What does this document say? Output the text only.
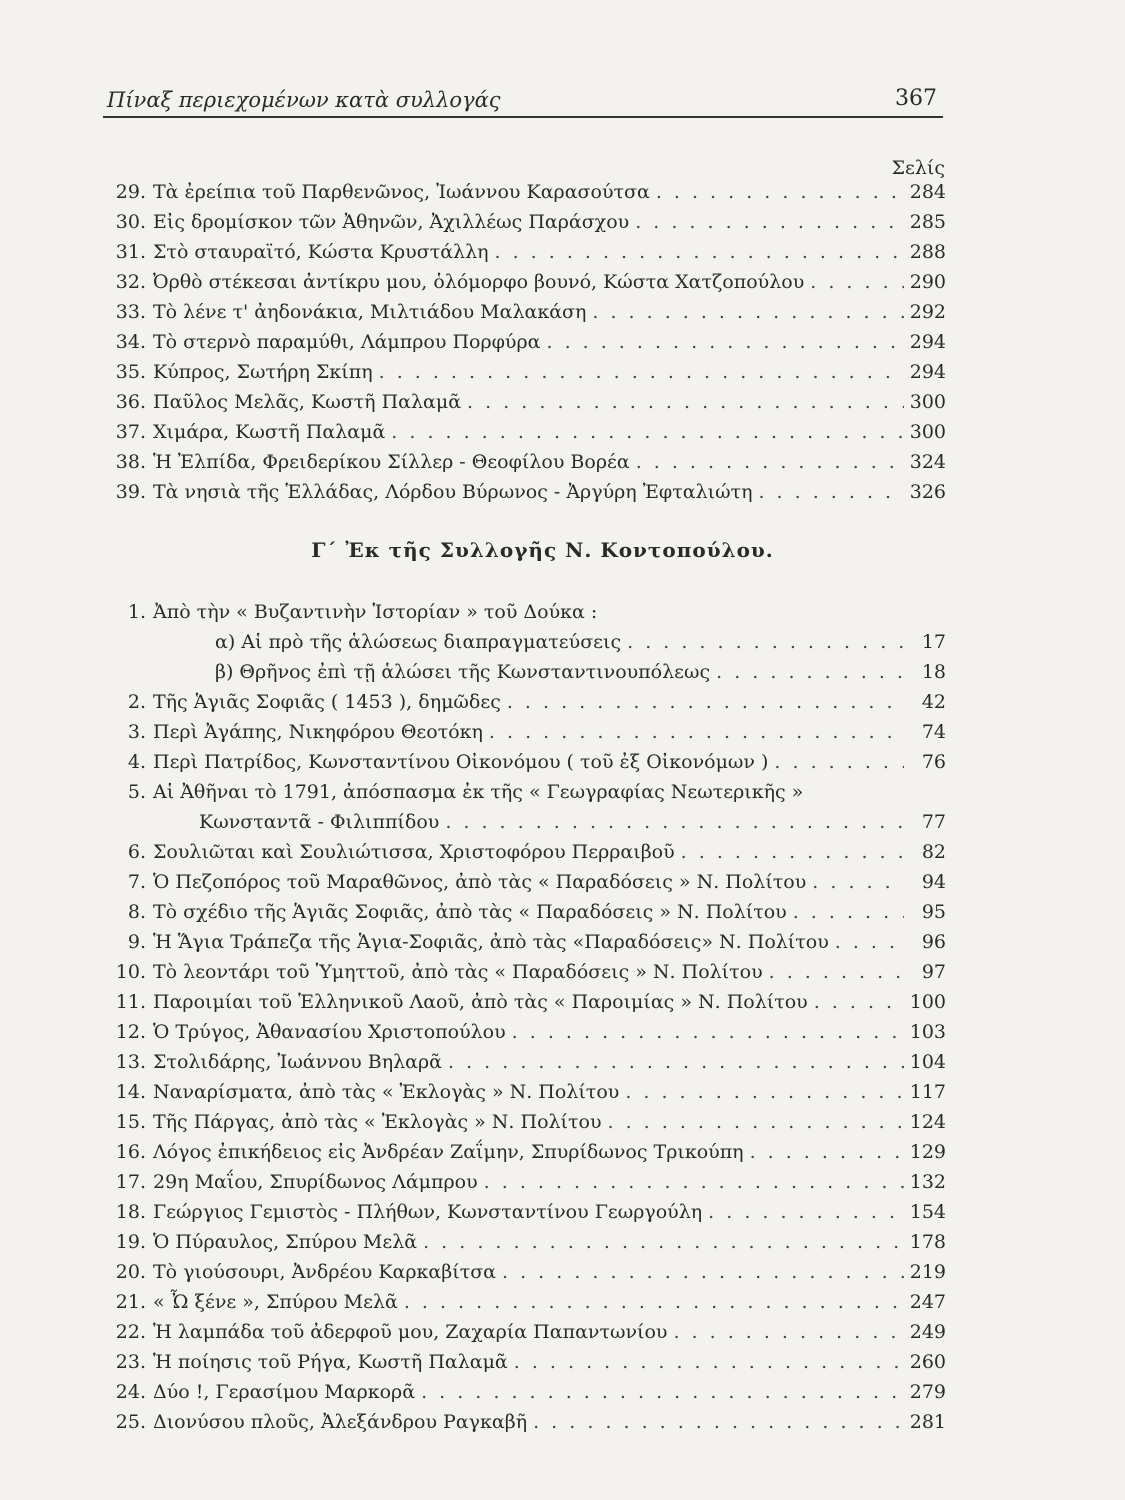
Πίναξ περιεχομένων κατὰ συλλογάς	367
Σελίς
29. Τὰ ἐρείπια τοῦ Παρθενῶνος, Ἰωάννου Καρασούτσα . . .	284
30. Εἰς δρομίσκον τῶν Ἀθηνῶν, Ἀχιλλέως Παράσχου . . .	285
31. Στὸ σταυραϊτό, Κώστα Κρυστάλλη . . .	288
32. Ὀρθὸ στέκεσαι ἀντίκρυ μου, ὁλόμορφο βουνό, Κώστα Χατζοπούλου . . .	290
33. Τὸ λένε τ' ἀηδονάκια, Μιλτιάδου Μαλακάση . . .	292
34. Τὸ στερνὸ παραμύθι, Λάμπρου Πορφύρα . . .	294
35. Κύπρος, Σωτήρη Σκίπη . . .	294
36. Παῦλος Μελᾶς, Κωστῆ Παλαμᾶ . . .	300
37. Χιμάρα, Κωστῆ Παλαμᾶ . . .	300
38. Ἡ Ἐλπίδα, Φρειδερίκου Σίλλερ - Θεοφίλου Βορέα . . .	324
39. Τὰ νησιὰ τῆς Ἑλλάδας, Λόρδου Βύρωνος - Ἀργύρη Ἐφταλιώτη . . .	326
Γ΄ Ἐκ τῆς Συλλογῆς Ν. Κοντοπούλου.
1. Ἀπὸ τὴν « Βυζαντινὴν Ἱστορίαν » τοῦ Δούκα :
α) Αἱ πρὸ τῆς ἁλώσεως διαπραγματεύσεις . . .	17
β) Θρῆνος ἐπὶ τῇ ἁλώσει τῆς Κωνσταντινουπόλεως . . .	18
2. Τῆς Ἁγιᾶς Σοφιᾶς ( 1453 ), δημῶδες . . .	42
3. Περὶ Ἀγάπης, Νικηφόρου Θεοτόκη . . .	74
4. Περὶ Πατρίδος, Κωνσταντίνου Οἰκονόμου ( τοῦ ἐξ Οἰκονόμων ) . . .	76
5. Αἱ Ἀθῆναι τὸ 1791, ἀπόσπασμα ἐκ τῆς « Γεωγραφίας Νεωτερικῆς »
Κωνσταντᾶ - Φιλιππίδου . . .	77
6. Σουλιῶται καὶ Σουλιώτισσα, Χριστοφόρου Περραιβοῦ . . .	82
7. Ὁ Πεζοπόρος τοῦ Μαραθῶνος, ἀπὸ τὰς « Παραδόσεις » Ν. Πολίτου . . .	94
8. Τὸ σχέδιο τῆς Ἁγιᾶς Σοφιᾶς, ἀπὸ τὰς « Παραδόσεις » Ν. Πολίτου . . .	95
9. Ἡ Ἅγια Τράπεζα τῆς Ἁγια-Σοφιᾶς, ἀπὸ τὰς «Παραδόσεις» Ν. Πολίτου . . .	96
10. Τὸ λεοντάρι τοῦ Ὑμηττοῦ, ἀπὸ τὰς « Παραδόσεις » Ν. Πολίτου . . .	97
11. Παροιμίαι τοῦ Ἑλληνικοῦ Λαοῦ, ἀπὸ τὰς « Παροιμίας » Ν. Πολίτου . . .	100
12. Ὁ Τρύγος, Ἀθανασίου Χριστοπούλου . . .	103
13. Στολιδάρης, Ἰωάννου Βηλαρᾶ . . .	104
14. Ναναρίσματα, ἀπὸ τὰς « Ἐκλογὰς » Ν. Πολίτου . . .	117
15. Τῆς Πάργας, ἀπὸ τὰς « Ἐκλογὰς » Ν. Πολίτου . . .	124
16. Λόγος ἐπικήδειος εἰς Ἀνδρέαν Ζαΐμην, Σπυρίδωνος Τρικούπη . . .	129
17. 29η Μαΐου, Σπυρίδωνος Λάμπρου . . .	132
18. Γεώργιος Γεμιστὸς - Πλήθων, Κωνσταντίνου Γεωργούλη . . .	154
19. Ὁ Πύραυλος, Σπύρου Μελᾶ . . .	178
20. Τὸ γιούσουρι, Ἀνδρέου Καρκαβίτσα . . .	219
21. « Ὦ ξένε », Σπύρου Μελᾶ . . .	247
22. Ἡ λαμπάδα τοῦ ἀδερφοῦ μου, Ζαχαρία Παπαντωνίου . . .	249
23. Ἡ ποίησις τοῦ Ρήγα, Κωστῆ Παλαμᾶ . . .	260
24. Δύο !, Γερασίμου Μαρκορᾶ . . .	279
25. Διονύσου πλοῦς, Ἀλεξάνδρου Ραγκαβῆ . . .	281
